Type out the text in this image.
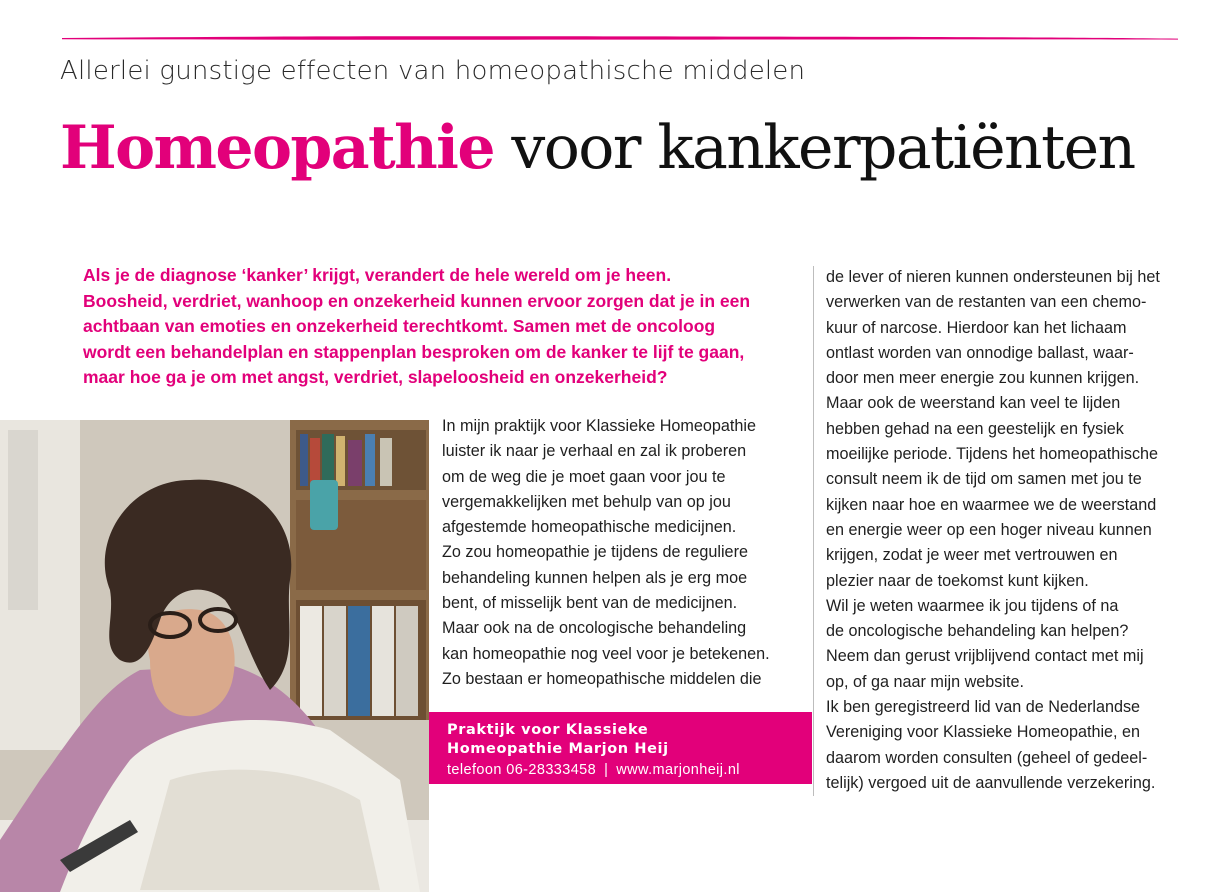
Allerlei gunstige effecten van homeopathische middelen
Homeopathie voor kankerpatiënten
Als je de diagnose ‘kanker’ krijgt, verandert de hele wereld om je heen.
Boosheid, verdriet, wanhoop en onzekerheid kunnen ervoor zorgen dat je in een
achtbaan van emoties en onzekerheid terechtkomt. Samen met de oncoloog
wordt een behandelplan en stappenplan besproken om de kanker te lijf te gaan,
maar hoe ga je om met angst, verdriet, slapeloosheid en onzekerheid?
In mijn praktijk voor Klassieke Homeopathie
luister ik naar je verhaal en zal ik proberen
om de weg die je moet gaan voor jou te
vergemakkelijken met behulp van op jou
afgestemde homeopathische medicijnen.
Zo zou homeopathie je tijdens de reguliere
behandeling kunnen helpen als je erg moe
bent, of misselijk bent van de medicijnen.
Maar ook na de oncologische behandeling
kan homeopathie nog veel voor je betekenen.
Zo bestaan er homeopathische middelen die
de lever of nieren kunnen ondersteunen bij het
verwerken van de restanten van een chemo-
kuur of narcose. Hierdoor kan het lichaam
ontlast worden van onnodige ballast, waar-
door men meer energie zou kunnen krijgen.
Maar ook de weerstand kan veel te lijden
hebben gehad na een geestelijk en fysiek
moeilijke periode. Tijdens het homeopathische
consult neem ik de tijd om samen met jou te
kijken naar hoe en waarmee we de weerstand
en energie weer op een hoger niveau kunnen
krijgen, zodat je weer met vertrouwen en
plezier naar de toekomst kunt kijken.
Wil je weten waarmee ik jou tijdens of na
de oncologische behandeling kan helpen?
Neem dan gerust vrijblijvend contact met mij
op, of ga naar mijn website.
Ik ben geregistreerd lid van de Nederlandse
Vereniging voor Klassieke Homeopathie, en
daarom worden consulten (geheel of gedeel-
telijk) vergoed uit de aanvullende verzekering.
Praktijk voor Klassieke
Homeopathie Marjon Heij
telefoon 06-28333458 | www.marjonheij.nl
